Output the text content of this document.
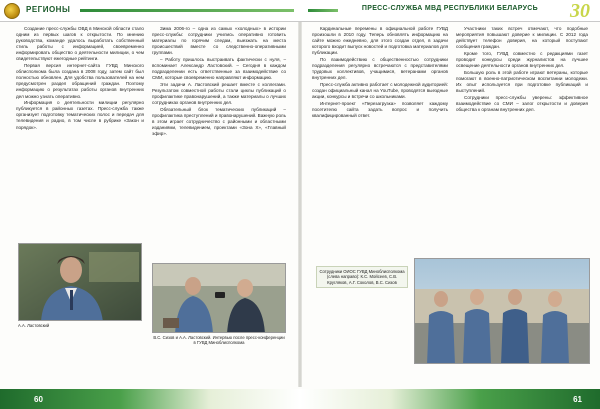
РЕГИОНЫ	ПРЕСС-СЛУЖБА МВД РЕСПУБЛИКИ БЕЛАРУСЬ 30

Создание пресс-службы ОВД в Минской области стало одним из первых шагов к открытости. По мнению руководства, команде удалось выработать собственный стиль работы с информацией, своевременно информировать общество о деятельности милиции, о чем свидетельствуют ежегодные рейтинги.

Первая версия интернет-сайта ГУВД Минского облисполкома была создана в 2008 году, затем сайт был полностью обновлен. Для удобства пользователей на нем предусмотрен раздел обращений граждан. Поэтому информацию о результатах работы органов внутренних дел можно узнать оперативно.

Информация о деятельности милиции регулярно публикуется в районных газетах. Пресс-служба также организует подготовку тематических полос и передач для телевидения и радио, в том числе в рубрике «Закон и порядок».

Зима 2006-го – одна из самых «холодных» в истории пресс-службы: сотрудники учились оперативно готовить материалы по горячим следам, выезжать на места происшествий вместе со следственно-оперативными группами.

– Работу пришлось выстраивать фактически с нуля, – вспоминает Александр Ластовский. – Сегодня в каждом подразделении есть ответственные за взаимодействие со СМИ, которые своевременно направляют информацию.

Эти задачи А. Ластовский решает вместе с коллегами. Результатом совместной работы стали циклы публикаций о профилактике правонарушений, а также материалы о лучших сотрудниках органов внутренних дел.

Обязательный блок тематических публикаций – профилактика преступлений и правонарушений. Важную роль в этом играет сотрудничество с районными и областными изданиями, телевидением, проектами «Зона Х», «Главный эфир».

А.А. Ластовский
В.С. Сизов и А.А. Ластовский. Интервью после пресс-конференции в ГУВД Миноблисполкома

Кардинальные перемены в официальной работе ГУВД произошли в 2010 году. Теперь обновлять информацию на сайте можно ежедневно, для этого создан отдел, в задачи которого входит выпуск новостей и подготовка материалов для публикации.

По взаимодействию с общественностью сотрудники подразделения регулярно встречаются с представителями трудовых коллективов, учащимися, ветеранами органов внутренних дел.

Пресс-служба активно работает с молодежной аудиторией: создан официальный канал на YouTube, проводятся выездные акции, конкурсы и встречи со школьниками.

Интернет-проект «Перезагрузка» позволяет каждому посетителю сайта задать вопрос и получить квалифицированный ответ.

Участники таких встреч отмечают, что подобные мероприятия повышают доверие к милиции. С 2012 года действует телефон доверия, на который поступают сообщения граждан.

Кроме того, ГУВД совместно с редакциями газет проводит конкурсы среди журналистов на лучшее освещение деятельности органов внутренних дел.

Большую роль в этой работе играют ветераны, которые помогают в военно-патриотическом воспитании молодежи. Их опыт используется при подготовке публикаций и выступлений.

Сотрудники пресс-службы уверены: эффективное взаимодействие со СМИ – залог открытости и доверия общества к органам внутренних дел.

Сотрудники ОИОС ГУВД Миноблисполкома (слева направо): К.С. Мойсеев, С.В. Кругляков, А.Г. Соколов, В.С. Сизов
60	61
